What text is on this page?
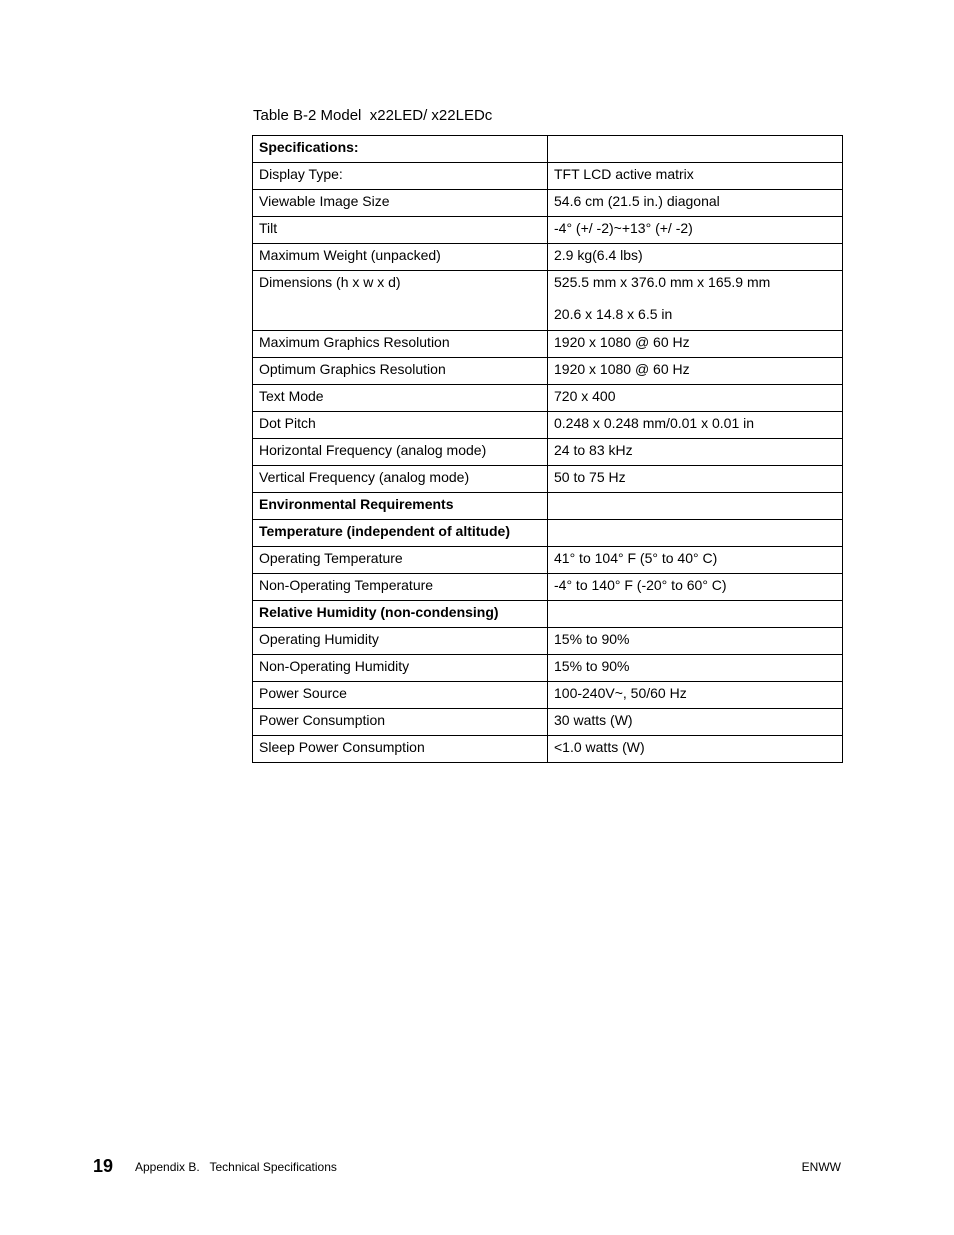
Table B-2 Model  x22LED/ x22LEDc
Specifications:	
Display Type:	TFT LCD active matrix
Viewable Image Size	54.6 cm (21.5 in.) diagonal
Tilt	-4° (+/ -2)~+13° (+/ -2)
Maximum Weight (unpacked)	2.9 kg(6.4 lbs)
Dimensions (h x w x d)	525.5 mm x 376.0 mm x 165.9 mm
20.6 x 14.8 x 6.5 in

Maximum Graphics Resolution	1920 x 1080 @ 60 Hz
Optimum Graphics Resolution	1920 x 1080 @ 60 Hz
Text Mode	720 x 400
Dot Pitch	0.248 x 0.248 mm/0.01 x 0.01 in
Horizontal Frequency (analog mode)	24 to 83 kHz
Vertical Frequency (analog mode)	50 to 75 Hz
Environmental Requirements	
Temperature (independent of altitude)	
Operating Temperature	41° to 104° F (5° to 40° C)
Non-Operating Temperature	-4° to 140° F (-20° to 60° C)
Relative Humidity (non-condensing)	
Operating Humidity	15% to 90%
Non-Operating Humidity	15% to 90%
Power Source	100-240V~, 50/60 Hz
Power Consumption	30 watts (W)
Sleep Power Consumption	<1.0 watts (W)
19 Appendix B.   Technical Specifications	ENWW
